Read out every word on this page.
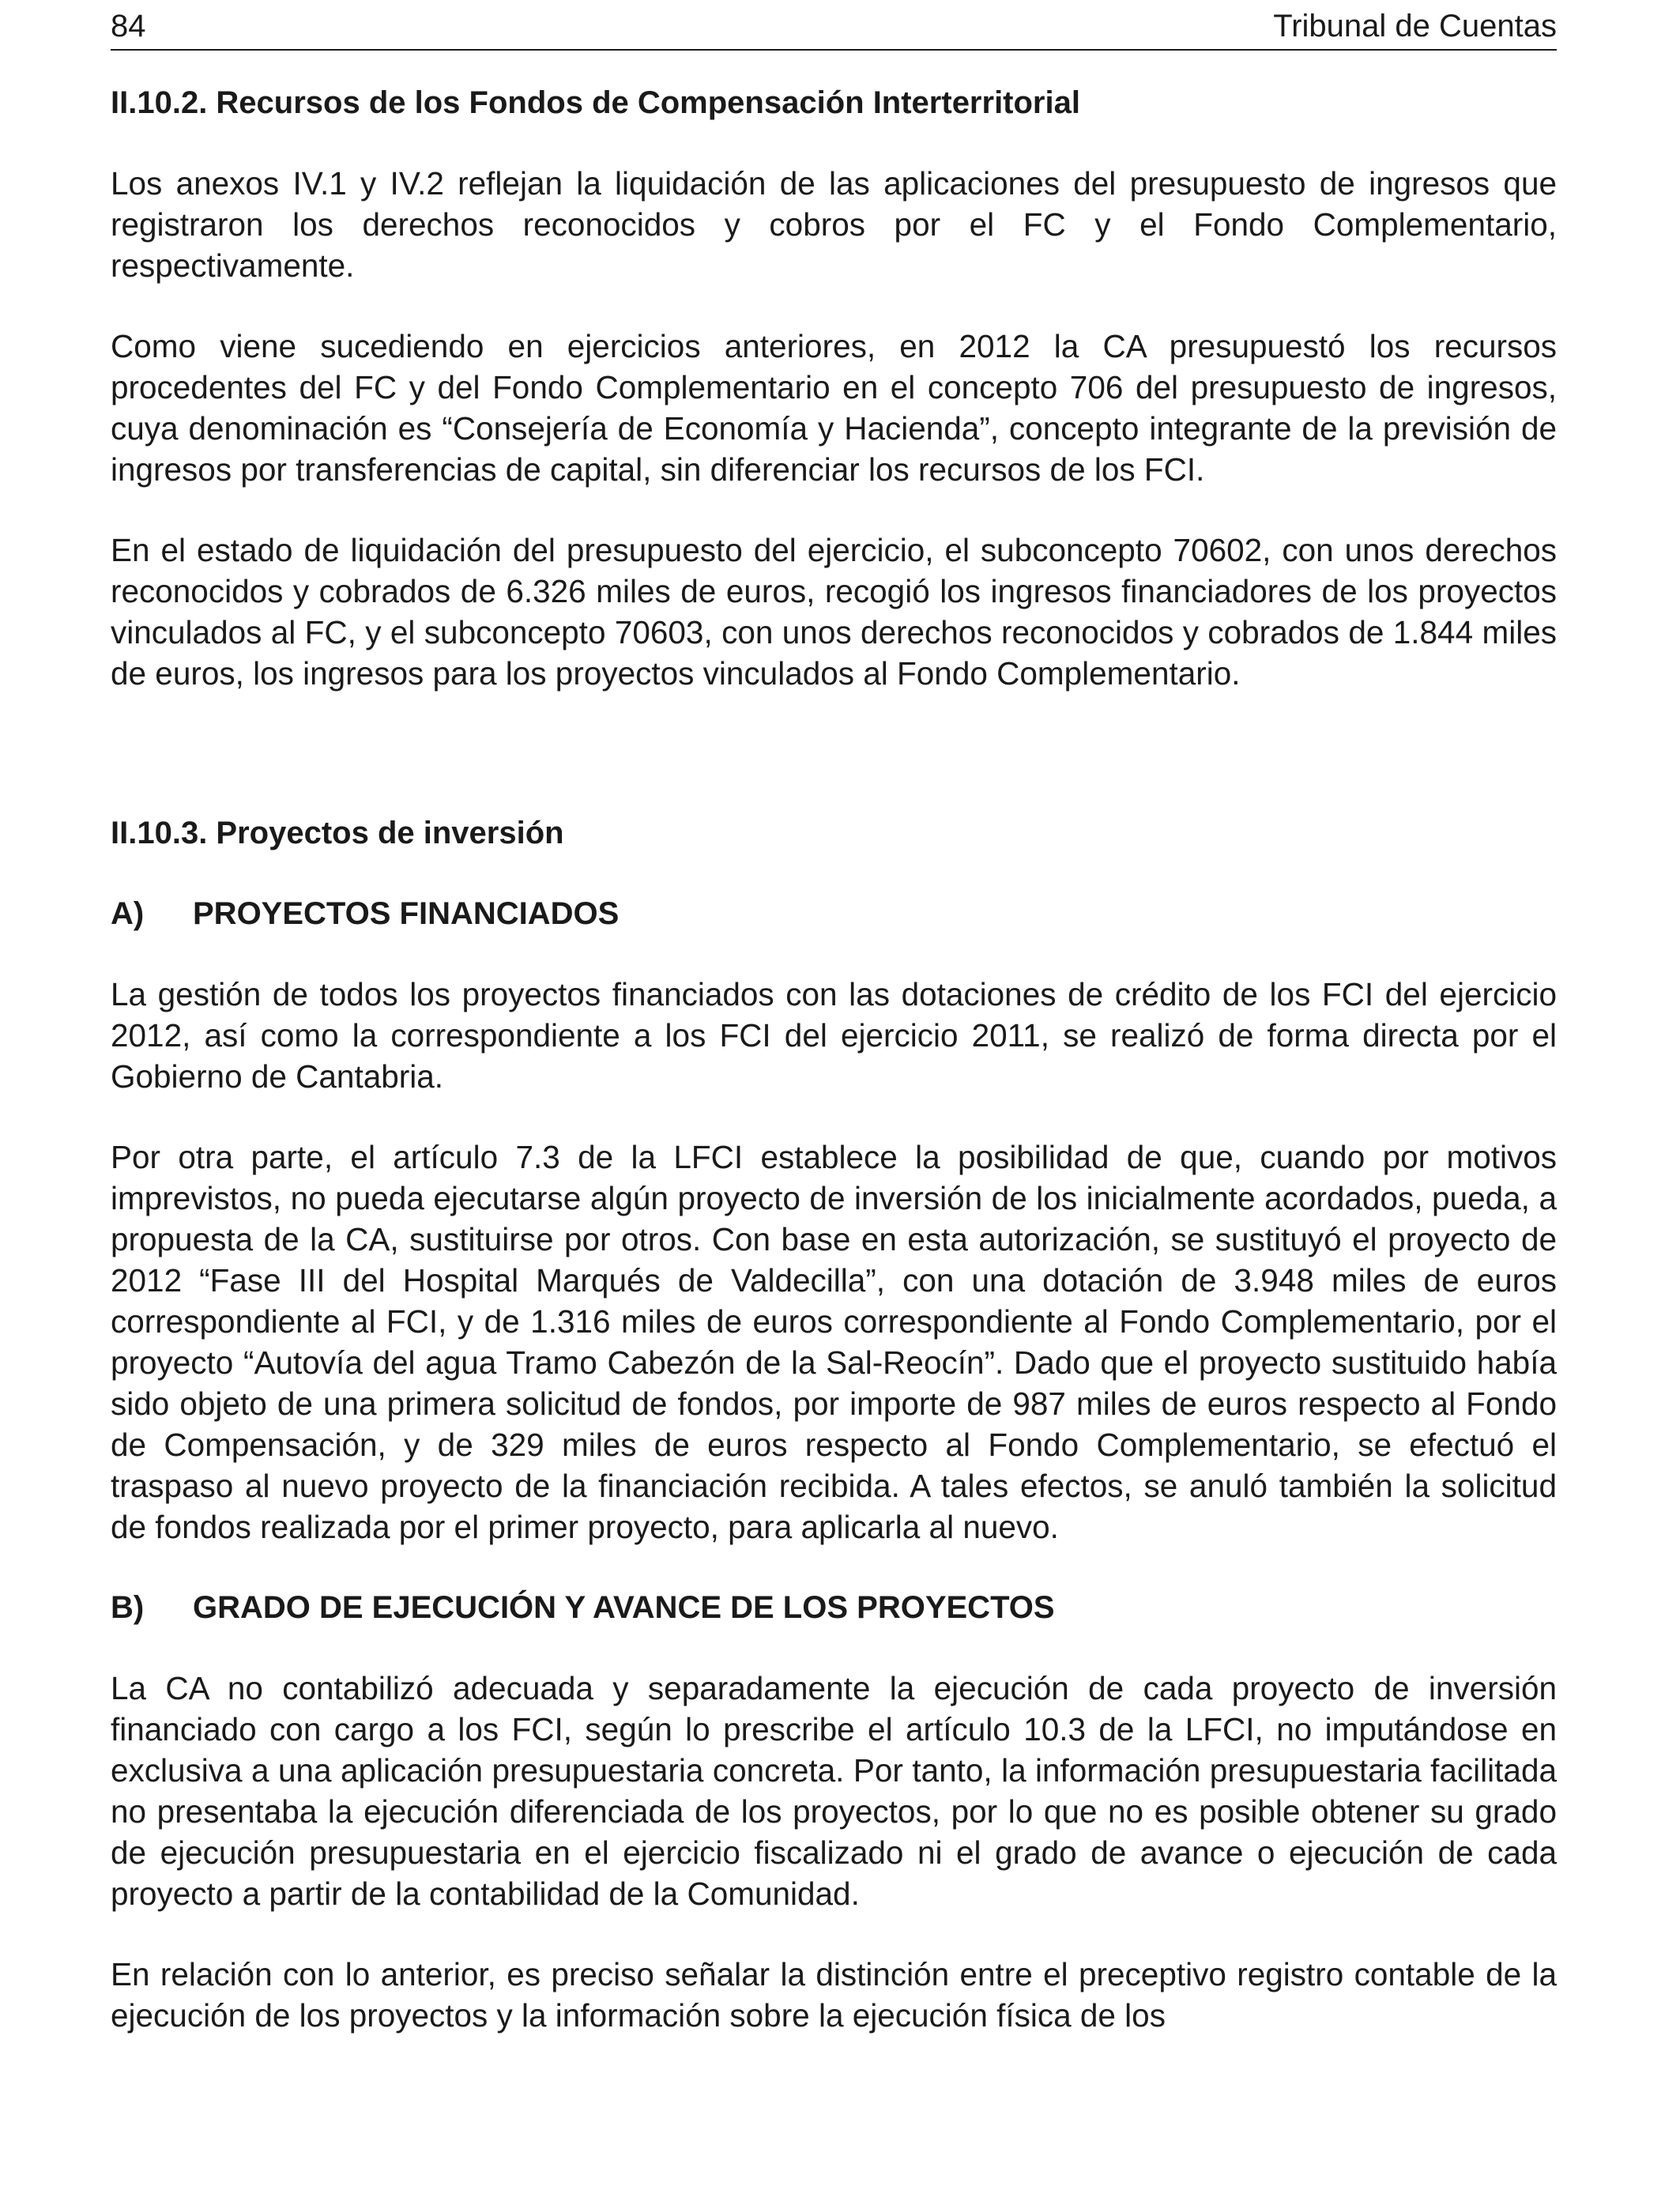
84	Tribunal de Cuentas
II.10.2. Recursos de los Fondos de Compensación Interterritorial

Los anexos IV.1 y IV.2 reflejan la liquidación de las aplicaciones del presupuesto de ingresos que registraron los derechos reconocidos y cobros por el FC y el Fondo Complementario, respectivamente.

Como viene sucediendo en ejercicios anteriores, en 2012 la CA presupuestó los recursos procedentes del FC y del Fondo Complementario en el concepto 706 del presupuesto de ingresos, cuya denominación es “Consejería de Economía y Hacienda”, concepto integrante de la previsión de ingresos por transferencias de capital, sin diferenciar los recursos de los FCI.

En el estado de liquidación del presupuesto del ejercicio, el subconcepto 70602, con unos derechos reconocidos y cobrados de 6.326 miles de euros, recogió los ingresos financiadores de los proyectos vinculados al FC, y el subconcepto 70603, con unos derechos reconocidos y cobrados de 1.844 miles de euros, los ingresos para los proyectos vinculados al Fondo Complementario.

II.10.3. Proyectos de inversión
A)	PROYECTOS FINANCIADOS

La gestión de todos los proyectos financiados con las dotaciones de crédito de los FCI del ejercicio 2012, así como la correspondiente a los FCI del ejercicio 2011, se realizó de forma directa por el Gobierno de Cantabria.

Por otra parte, el artículo 7.3 de la LFCI establece la posibilidad de que, cuando por motivos imprevistos, no pueda ejecutarse algún proyecto de inversión de los inicialmente acordados, pueda, a propuesta de la CA, sustituirse por otros. Con base en esta autorización, se sustituyó el proyecto de 2012 “Fase III del Hospital Marqués de Valdecilla”, con una dotación de 3.948 miles de euros correspondiente al FCI, y de 1.316 miles de euros correspondiente al Fondo Complementario, por el proyecto “Autovía del agua Tramo Cabezón de la Sal-Reocín”. Dado que el proyecto sustituido había sido objeto de una primera solicitud de fondos, por importe de 987 miles de euros respecto al Fondo de Compensación, y de 329 miles de euros respecto al Fondo Complementario, se efectuó el traspaso al nuevo proyecto de la financiación recibida. A tales efectos, se anuló también la solicitud de fondos realizada por el primer proyecto, para aplicarla al nuevo.

B)	GRADO DE EJECUCIÓN Y AVANCE DE LOS PROYECTOS

La CA no contabilizó adecuada y separadamente la ejecución de cada proyecto de inversión financiado con cargo a los FCI, según lo prescribe el artículo 10.3 de la LFCI, no imputándose en exclusiva a una aplicación presupuestaria concreta. Por tanto, la información presupuestaria facilitada no presentaba la ejecución diferenciada de los proyectos, por lo que no es posible obtener su grado de ejecución presupuestaria en el ejercicio fiscalizado ni el grado de avance o ejecución de cada proyecto a partir de la contabilidad de la Comunidad.

En relación con lo anterior, es preciso señalar la distinción entre el preceptivo registro contable de la ejecución de los proyectos y la información sobre la ejecución física de los
